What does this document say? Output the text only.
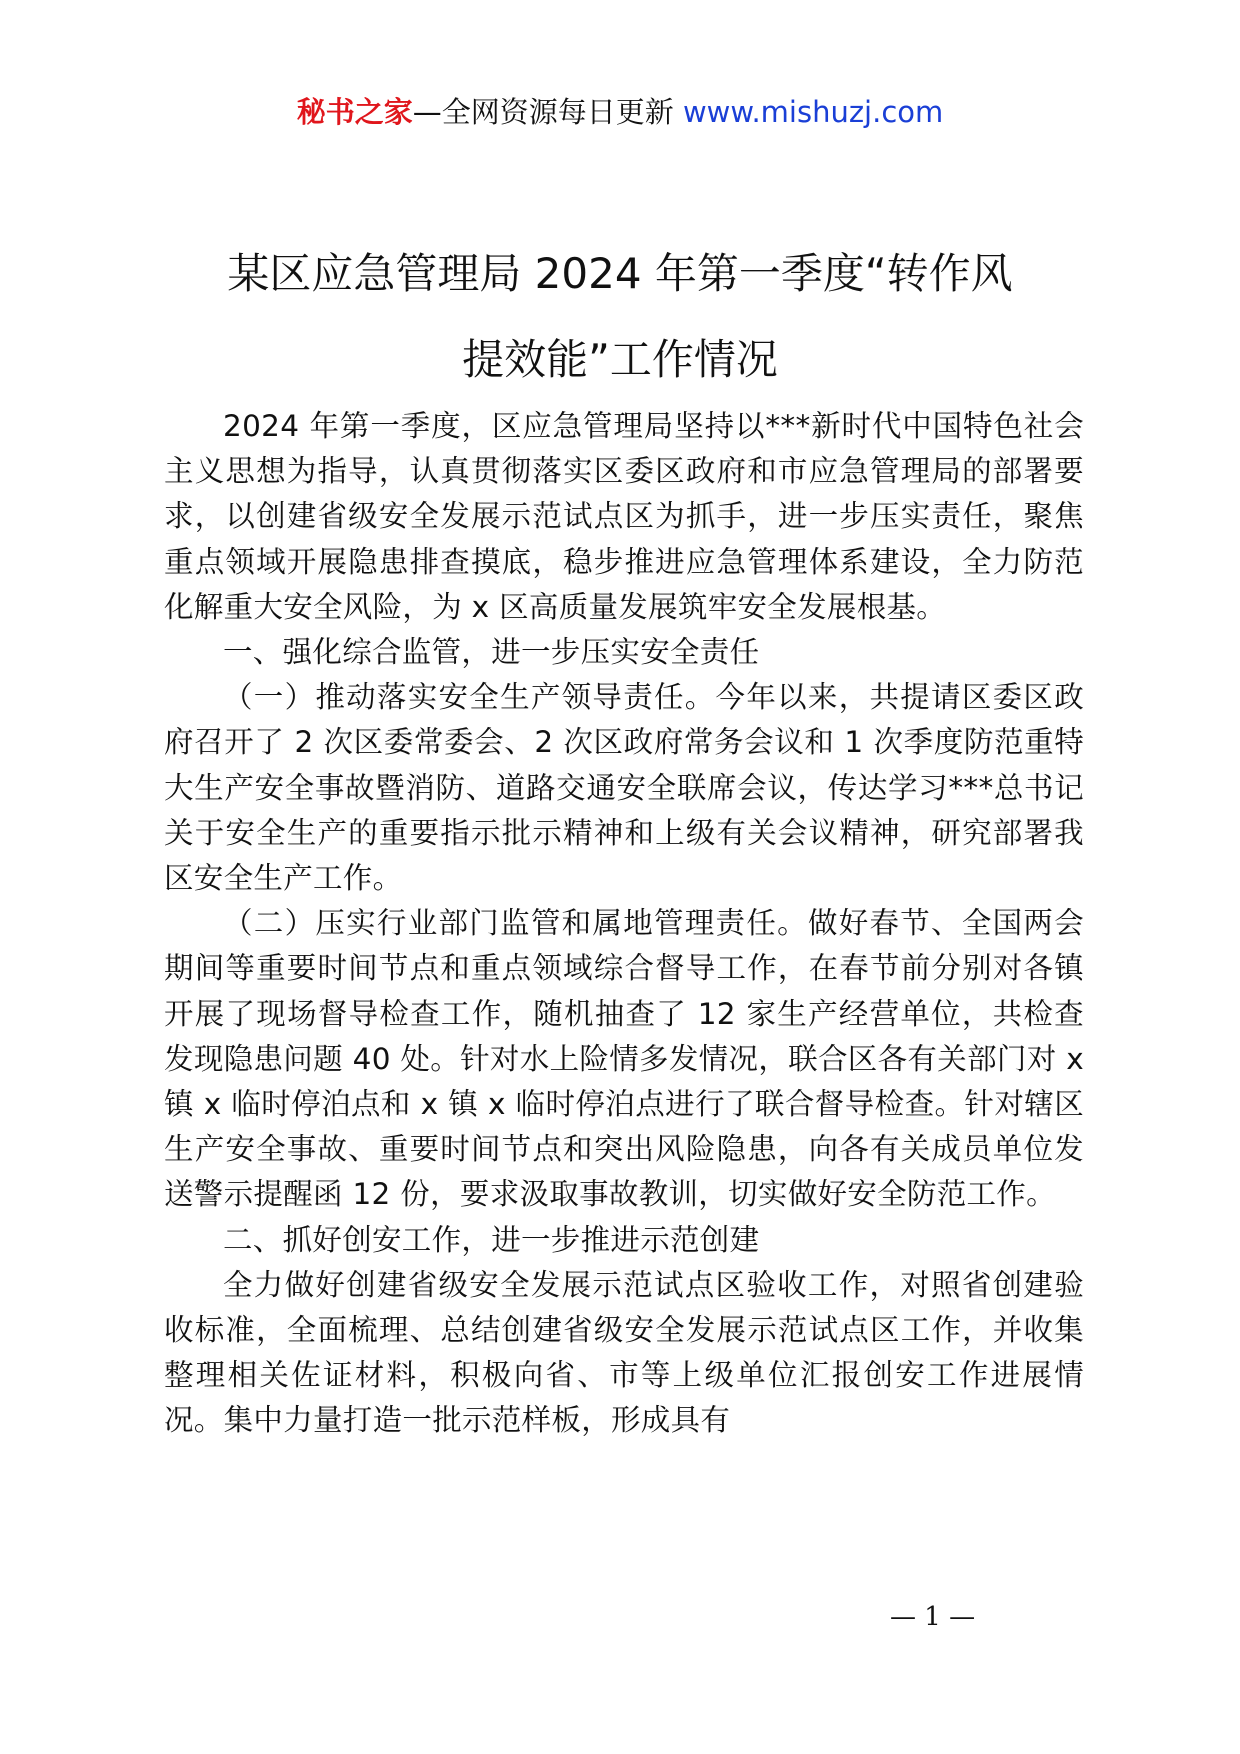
秘书之家—全网资源每日更新 www.mishuzj.com
某区应急管理局 2024 年第一季度“转作风
提效能”工作情况

2024 年第一季度，区应急管理局坚持以***新时代中国特色社会主义思想为指导，认真贯彻落实区委区政府和市应急管理局的部署要求，以创建省级安全发展示范试点区为抓手，进一步压实责任，聚焦重点领域开展隐患排查摸底，稳步推进应急管理体系建设，全力防范化解重大安全风险，为 x 区高质量发展筑牢安全发展根基。

一、强化综合监管，进一步压实安全责任

（一）推动落实安全生产领导责任。今年以来，共提请区委区政府召开了 2 次区委常委会、2 次区政府常务会议和 1 次季度防范重特大生产安全事故暨消防、道路交通安全联席会议，传达学习***总书记关于安全生产的重要指示批示精神和上级有关会议精神，研究部署我区安全生产工作。

（二）压实行业部门监管和属地管理责任。做好春节、全国两会期间等重要时间节点和重点领域综合督导工作，在春节前分别对各镇开展了现场督导检查工作，随机抽查了 12 家生产经营单位，共检查发现隐患问题 40 处。针对水上险情多发情况，联合区各有关部门对 x 镇 x 临时停泊点和 x 镇 x 临时停泊点进行了联合督导检查。针对辖区生产安全事故、重要时间节点和突出风险隐患，向各有关成员单位发送警示提醒函 12 份，要求汲取事故教训，切实做好安全防范工作。

二、抓好创安工作，进一步推进示范创建

全力做好创建省级安全发展示范试点区验收工作，对照省创建验收标准，全面梳理、总结创建省级安全发展示范试点区工作，并收集整理相关佐证材料，积极向省、市等上级单位汇报创安工作进展情况。集中力量打造一批示范样板，形成具有

— 1 —
